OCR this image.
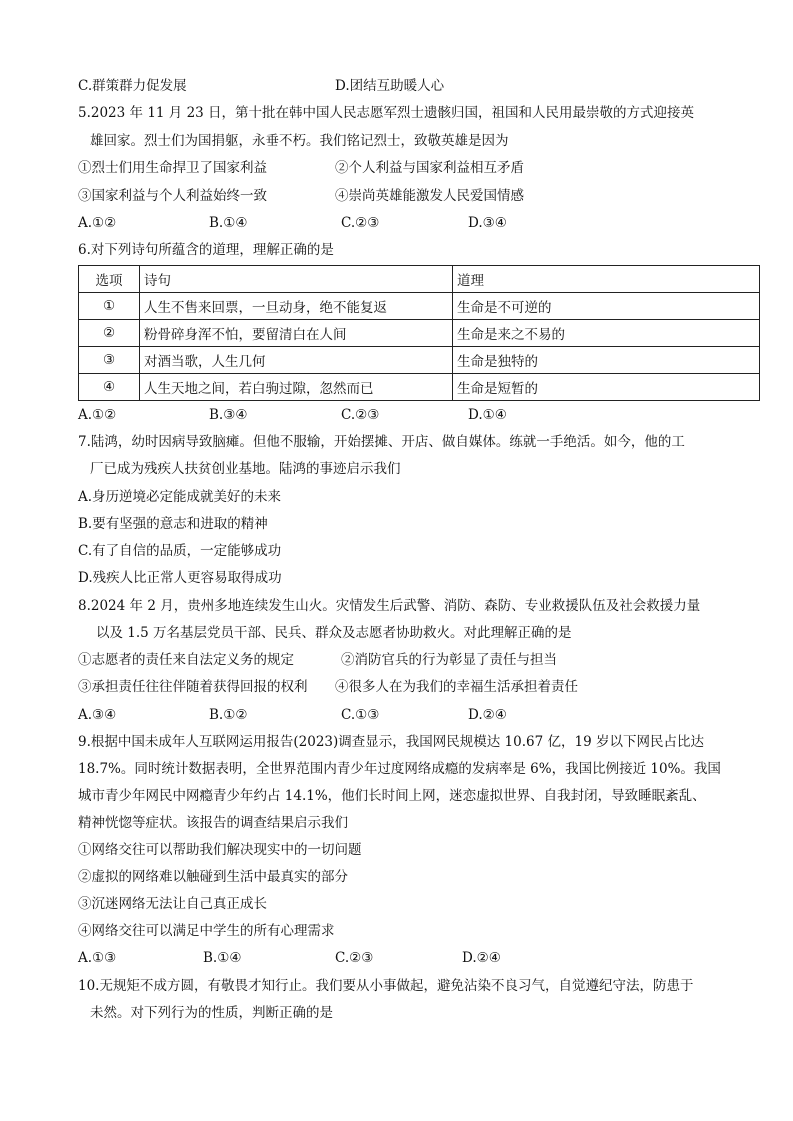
C.群策群力促发展	D.团结互助暖人心
5.2023 年 11 月 23 日，第十批在韩中国人民志愿军烈士遗骸归国，祖国和人民用最崇敬的方式迎接英
雄回家。烈士们为国捐躯，永垂不朽。我们铭记烈士，致敬英雄是因为
①烈士们用生命捍卫了国家利益	②个人利益与国家利益相互矛盾
③国家利益与个人利益始终一致	④崇尚英雄能激发人民爱国情感
A.①②	B.①④	C.②③	D.③④
6.对下列诗句所蕴含的道理，理解正确的是
选项	诗句	道理
①	人生不售来回票，一旦动身，绝不能复返	生命是不可逆的
②	粉骨碎身浑不怕，要留清白在人间	生命是来之不易的
③	对酒当歌，人生几何	生命是独特的
④	人生天地之间，若白驹过隙，忽然而已	生命是短暂的
A.①②	B.③④	C.②③	D.①④
7.陆鸿，幼时因病导致脑瘫。但他不服输，开始摆摊、开店、做自媒体。练就一手绝活。如今，他的工
厂已成为残疾人扶贫创业基地。陆鸿的事迹启示我们
A.身历逆境必定能成就美好的未来
B.要有坚强的意志和进取的精神
C.有了自信的品质，一定能够成功
D.残疾人比正常人更容易取得成功
8.2024 年 2 月，贵州多地连续发生山火。灾情发生后武警、消防、森防、专业救援队伍及社会救援力量
以及 1.5 万名基层党员干部、民兵、群众及志愿者协助救火。对此理解正确的是
①志愿者的责任来自法定义务的规定	②消防官兵的行为彰显了责任与担当
③承担责任往往伴随着获得回报的权利 ④很多人在为我们的幸福生活承担着责任
A.③④	B.①②	C.①③	D.②④
9.根据中国未成年人互联网运用报告(2023)调查显示，我国网民规模达 10.67 亿，19 岁以下网民占比达
18.7%。同时统计数据表明，全世界范围内青少年过度网络成瘾的发病率是 6%，我国比例接近 10%。我国
城市青少年网民中网瘾青少年约占 14.1%，他们长时间上网，迷恋虚拟世界、自我封闭，导致睡眠紊乱、
精神恍惚等症状。该报告的调查结果启示我们
①网络交往可以帮助我们解决现实中的一切问题
②虚拟的网络难以触碰到生活中最真实的部分
③沉迷网络无法让自己真正成长
④网络交往可以满足中学生的所有心理需求
A.①③	B.①④	C.②③	D.②④
10.无规矩不成方圆，有敬畏才知行止。我们要从小事做起，避免沾染不良习气，自觉遵纪守法，防患于
未然。对下列行为的性质，判断正确的是
